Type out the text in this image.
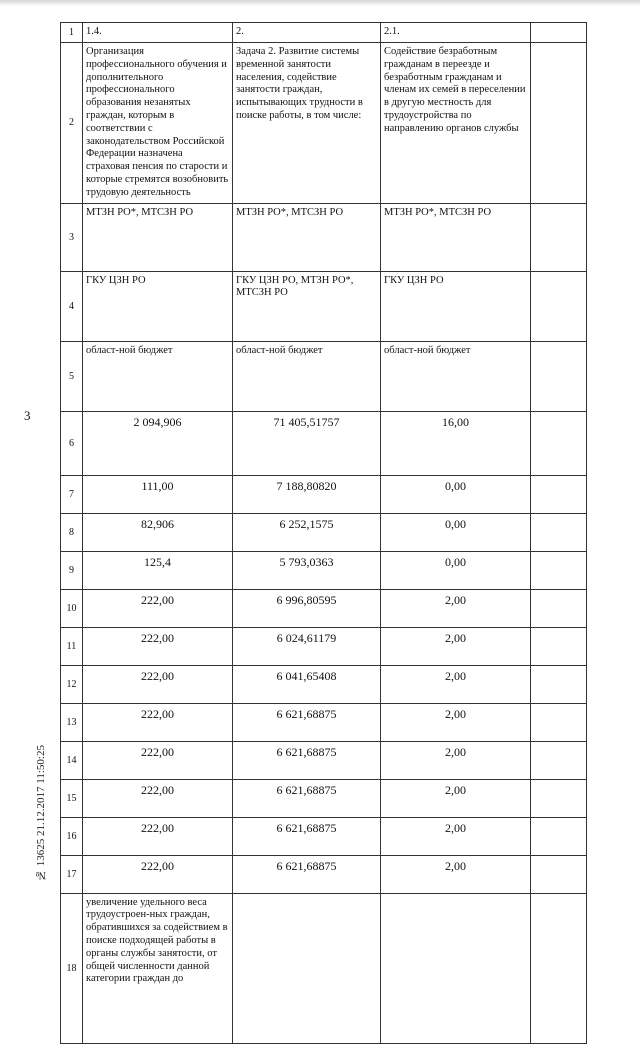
3
1	1.4.	2.	2.1.	

2	Организация профессионального обучения и дополнительного профессионального образования незанятых граждан, которым в соответствии с законодательством Российской Федерации назначена страховая пенсия по старости и которые стремятся возобновить трудовую деятельность	Задача 2. Развитие системы временной занятости населения, содействие занятости граждан, испытывающих трудности в поиске работы, в том числе:	Содействие безработным гражданам в переезде и безработным гражданам и членам их семей в переселении в другую местность для трудоустройства по направлению органов службы	

3	МТЗН РО*, МТСЗН РО	МТЗН РО*, МТСЗН РО	МТЗН РО*, МТСЗН РО	

4	ГКУ ЦЗН РО	ГКУ ЦЗН РО, МТЗН РО*, МТСЗН РО	ГКУ ЦЗН РО	

5	област-ной бюджет	област-ной бюджет	област-ной бюджет	

6	2 094,906	71 405,51757	16,00	

7	111,00	7 188,80820	0,00	

8	82,906	6 252,1575	0,00	

9	125,4	5 793,0363	0,00	

10	222,00	6 996,80595	2,00	

11	222,00	6 024,61179	2,00	

12	222,00	6 041,65408	2,00	

13	222,00	6 621,68875	2,00	

14	222,00	6 621,68875	2,00	

15	222,00	6 621,68875	2,00	

16	222,00	6 621,68875	2,00	

17	222,00	6 621,68875	2,00	

18	увеличение удельного веса трудоустроен-ных граждан, обратившихся за содействием в поиске подходящей работы в органы службы занятости, от общей численности данной категории граждан до			

№ 13625 21.12.2017 11:50:25
